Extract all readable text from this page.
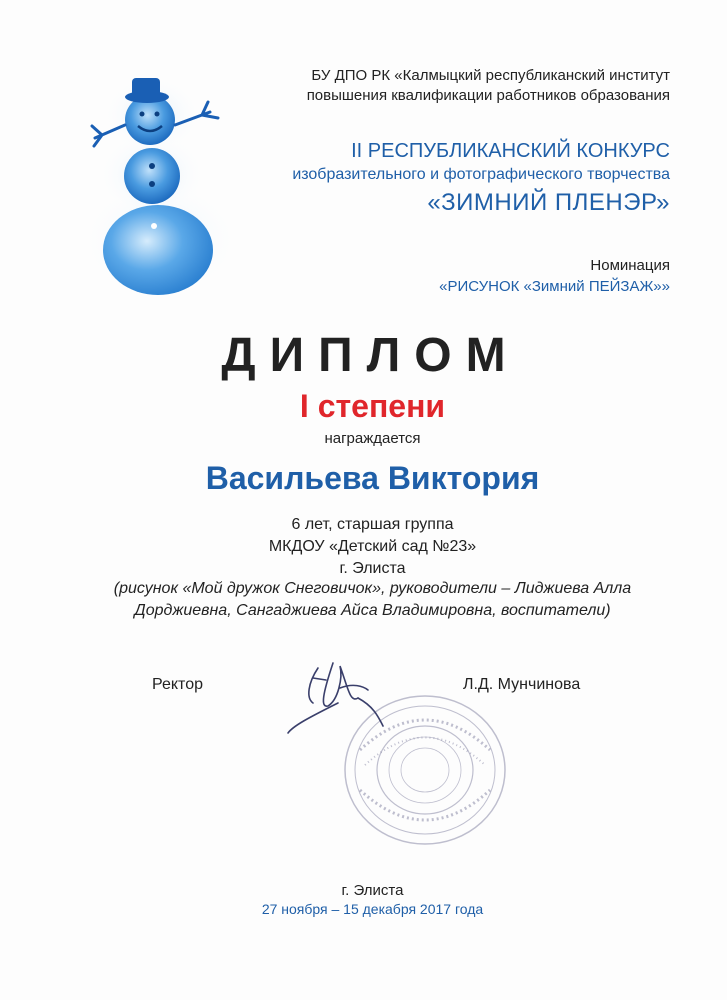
БУ ДПО РК «Калмыцкий республиканский институт
повышения квалификации работников образования
II РЕСПУБЛИКАНСКИЙ КОНКУРС
изобразительного и фотографического творчества
«ЗИМНИЙ ПЛЕНЭР»
Номинация
«РИСУНОК «Зимний ПЕЙЗАЖ»»
ДИПЛОМ
I степени
награждается
Васильева Виктория
6 лет, старшая группа
МКДОУ «Детский сад №23»
г. Элиста
(рисунок «Мой дружок Снеговичок», руководители – Лиджиева Алла
Дорджиевна, Сангаджиева Айса Владимировна, воспитатели)
Ректор	Л.Д. Мунчинова
г. Элиста
27 ноября – 15 декабря 2017 года
